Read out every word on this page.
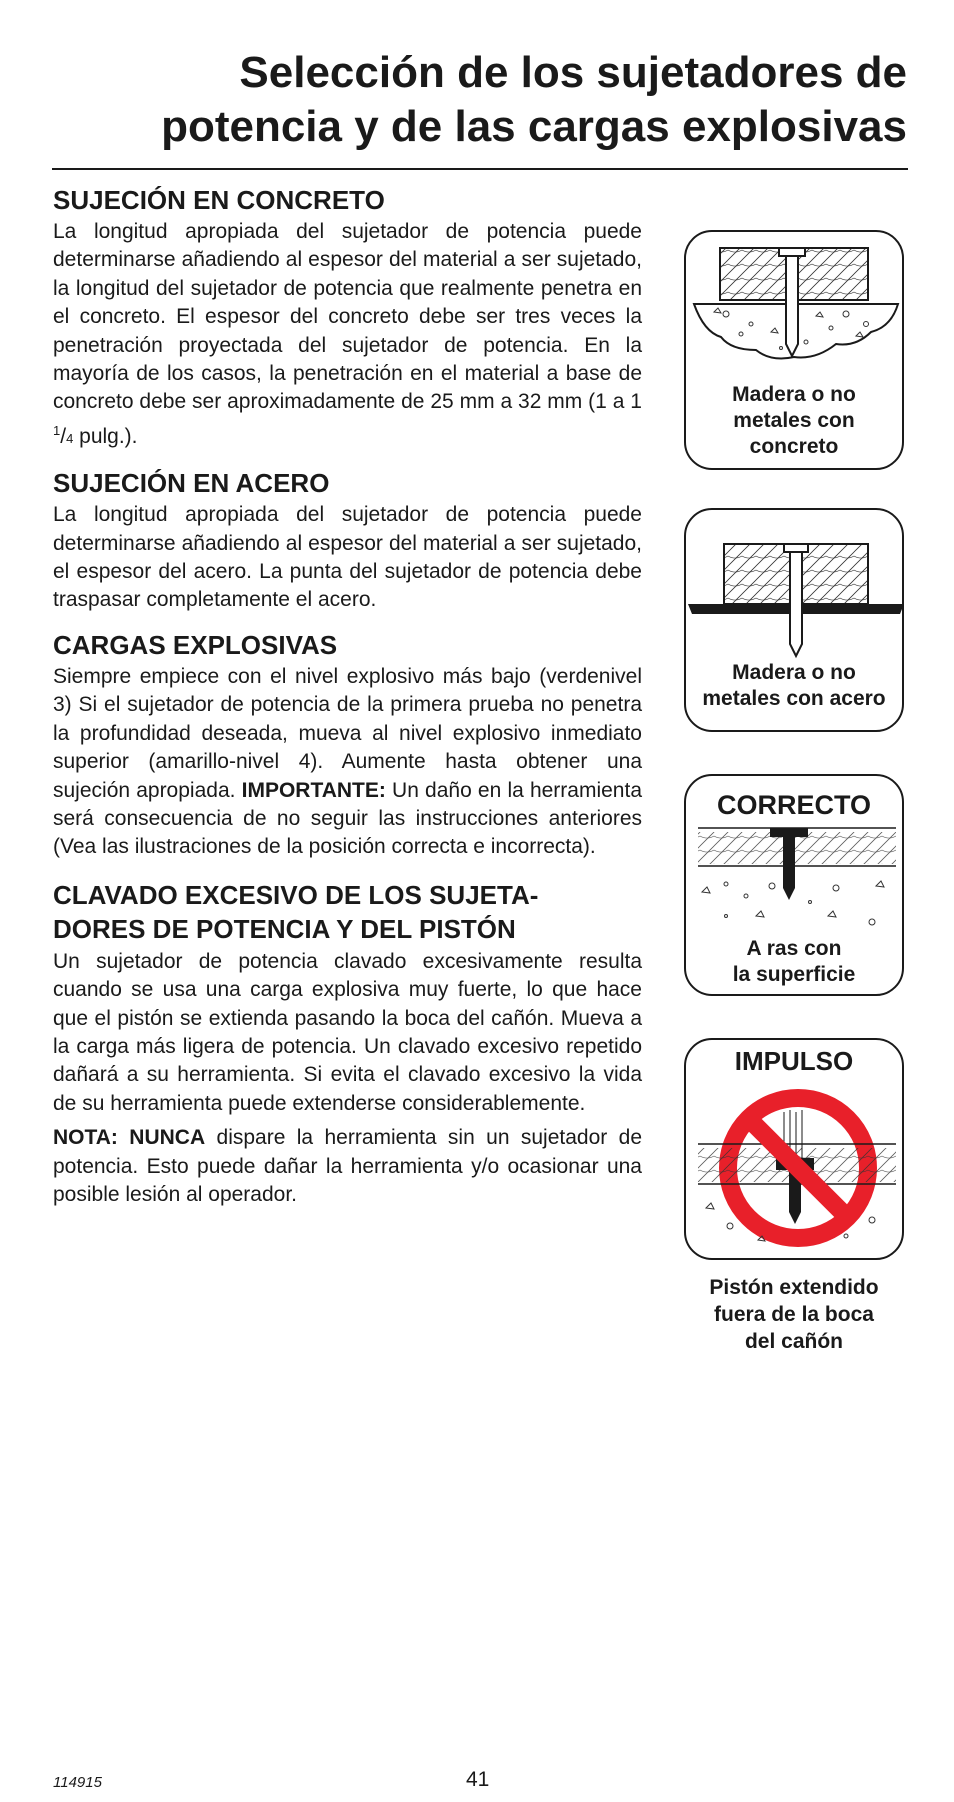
Selección de los sujetadores de
potencia y de las cargas explosivas
SUJECIÓN EN CONCRETO

La longitud apropiada del sujetador de potencia puede determinarse añadiendo al espesor del material a ser sujetado, la longitud del sujetador de potencia que realmente penetra en el concreto. El espesor del concreto debe ser tres veces la penetración proyectada del sujetador de potencia. En la mayoría de los casos, la penetración en el material a base de concreto debe ser aproximadamente de 25 mm a 32 mm (1 a 1 $^1$/4 pulg.).

SUJECIÓN EN ACERO

La longitud apropiada del sujetador de potencia puede determinarse añadiendo al espesor del material a ser sujetado, el espesor del acero. La punta del sujetador de potencia debe traspasar completamente el acero.

CARGAS EXPLOSIVAS

Siempre empiece con el nivel explosivo más bajo (verdenivel 3) Si el sujetador de potencia de la primera prueba no penetra la profundidad deseada, mueva al nivel explosivo inmediato superior (amarillo-nivel 4). Aumente hasta obtener una sujeción apropiada. IMPORTANTE: Un daño en la herramienta será consecuencia de no seguir las instrucciones anteriores (Vea las ilustraciones de la posición correcta e incorrecta).

CLAVADO EXCESIVO DE LOS SUJETA-
DORES DE POTENCIA Y DEL PISTÓN

Un sujetador de potencia clavado excesivamente resulta cuando se usa una carga explosiva muy fuerte, lo que hace que el pistón se extienda pasando la boca del cañón. Mueva a la carga más ligera de potencia. Un clavado excesivo repetido dañará a su herramienta. Si evita el clavado excesivo la vida de su herramienta puede extenderse considerablemente.

NOTA: NUNCA dispare la herramienta sin un sujetador de potencia. Esto puede dañar la herramienta y/o ocasionar una posible lesión al operador.

Madera o no
metales con
concreto
Madera o no
metales con acero
CORRECTO
A ras con
la superficie
IMPULSO
Pistón extendido
fuera de la boca
del cañón
114915	41
